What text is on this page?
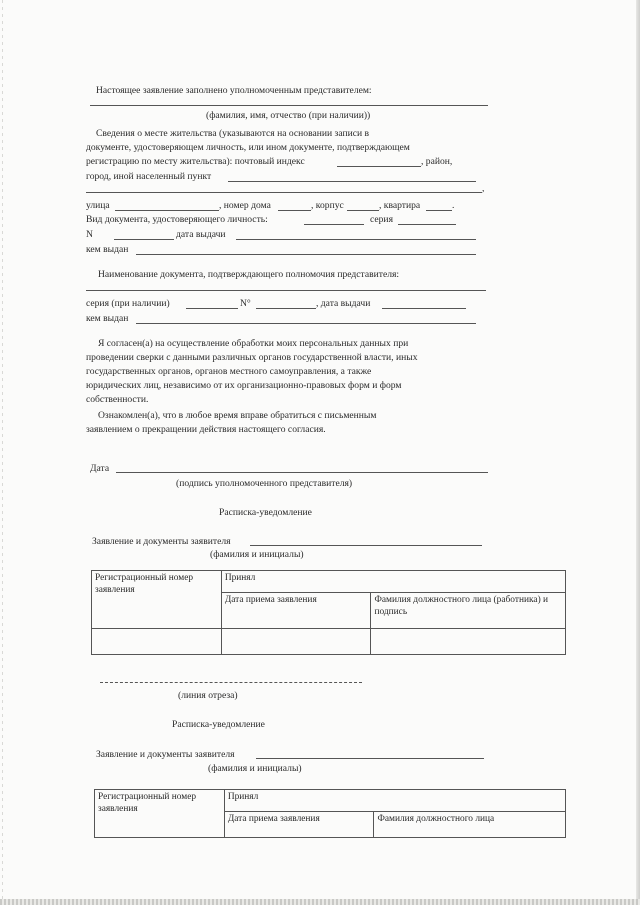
Настоящее заявление заполнено уполномоченным представителем:
(фамилия, имя, отчество (при наличии))
Сведения о месте жительства (указываются на основании записи в
документе, удостоверяющем личность, или ином документе, подтверждающем
регистрацию по месту жительства): почтовый индекс	, район,
город, иной населенный пункт
,
улица	, номер дома	, корпус	, квартира	.
Вид документа, удостоверяющего личность:	серия
N	дата выдачи
кем выдан
Наименование документа, подтверждающего полномочия представителя:
серия (при наличии)	N°	, дата выдачи
кем выдан
Я согласен(а) на осуществление обработки моих персональных данных при
проведении сверки с данными различных органов государственной власти, иных
государственных органов, органов местного самоуправления, а также
юридических лиц, независимо от их организационно-правовых форм и форм
собственности.
Ознакомлен(а), что в любое время вправе обратиться с письменным
заявлением о прекращении действия настоящего согласия.
Дата
(подпись уполномоченного представителя)
Расписка-уведомление
Заявление и документы заявителя
(фамилия и инициалы)
Регистрационный номер заявления	Принял	
	Дата приема заявления	Фамилия должностного лица (работника) и подпись

(линия отреза)
Расписка-уведомление
Заявление и документы заявителя
(фамилия и инициалы)
Регистрационный номер заявления	Принял	
	Дата приема заявления	Фамилия должностного лица
